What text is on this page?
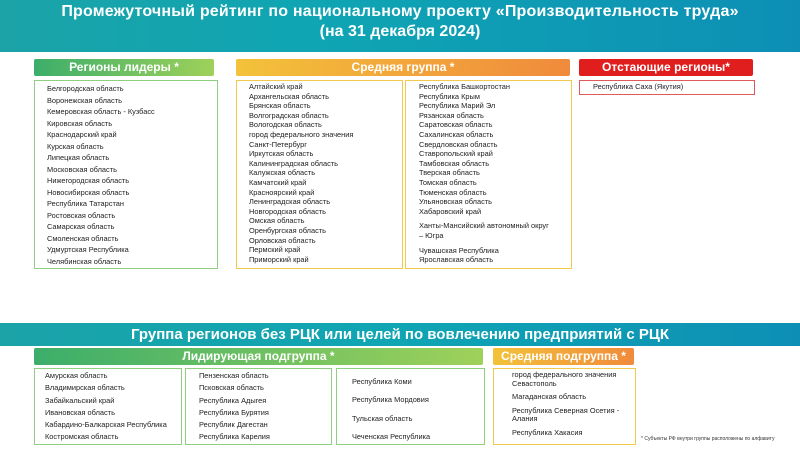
Промежуточный рейтинг по национальному проекту «Производительность труда»
(на 31 декабря 2024)
Регионы лидеры *
Белгородская область
Воронежская область
Кемеровская область - Кузбасс
Кировская область
Краснодарский край
Курская область
Липецкая область
Московская область
Нижегородская область
Новосибирская область
Республика Татарстан
Ростовская область
Самарская область
Смоленская область
Удмуртская Республика
Челябинская область
Средняя группа *
Алтайский край
Архангельская область
Брянская область
Волгоградская область
Вологодская область
город федерального значения
Санкт-Петербург
Иркутская область
Калининградская область
Калужская область
Камчатский край
Красноярский край
Ленинградская область
Новгородская область
Омская область
Оренбургская область
Орловская область
Пермский край
Приморский край
Республика Башкортостан
Республика Крым
Республика Марий Эл
Рязанская область
Саратовская область
Сахалинская область
Свердловская область
Ставропольский край
Тамбовская область
Тверская область
Томская область
Тюменская область
Ульяновская область
Хабаровский край
Ханты-Мансийский автономный округ
– Югра
Чувашская Республика
Ярославская область
Отстающие регионы*
Республика Саха (Якутия)
Группа регионов без РЦК или целей по вовлечению предприятий с РЦК
Лидирующая подгруппа *
Амурская область
Владимирская область
Забайкальский край
Ивановская область
Кабардино-Балкарская Республика
Костромская область
Пензенская область
Псковская область
Республика Адыгея
Республика Бурятия
Республик Дагестан
Республика Карелия
Республика Коми
Республика Мордовия
Тульская область
Чеченская Республика
Средняя подгруппа *
город федерального значения Севастополь
Магаданская область
Республика Северная Осетия - Алания
Республика Хакасия
* Субъекты РФ внутри группы расположены по алфавиту
